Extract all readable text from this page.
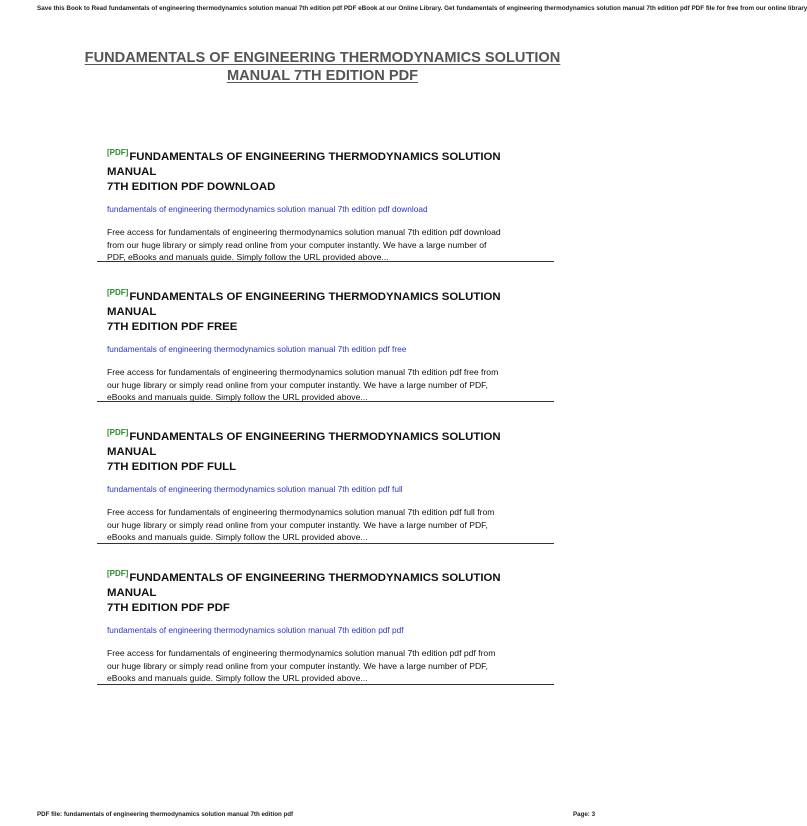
Save this Book to Read fundamentals of engineering thermodynamics solution manual 7th edition pdf PDF eBook at our Online Library. Get fundamentals of engineering thermodynamics solution manual 7th edition pdf PDF file for free from our online library
FUNDAMENTALS OF ENGINEERING THERMODYNAMICS SOLUTION
MANUAL 7TH EDITION PDF
[PDF]FUNDAMENTALS OF ENGINEERING THERMODYNAMICS SOLUTION MANUAL
7TH EDITION PDF DOWNLOAD
fundamentals of engineering thermodynamics solution manual 7th edition pdf download
Free access for fundamentals of engineering thermodynamics solution manual 7th edition pdf download
from our huge library or simply read online from your computer instantly. We have a large number of
PDF, eBooks and manuals guide. Simply follow the URL provided above...
[PDF]FUNDAMENTALS OF ENGINEERING THERMODYNAMICS SOLUTION MANUAL
7TH EDITION PDF FREE
fundamentals of engineering thermodynamics solution manual 7th edition pdf free
Free access for fundamentals of engineering thermodynamics solution manual 7th edition pdf free from
our huge library or simply read online from your computer instantly. We have a large number of PDF,
eBooks and manuals guide. Simply follow the URL provided above...
[PDF]FUNDAMENTALS OF ENGINEERING THERMODYNAMICS SOLUTION MANUAL
7TH EDITION PDF FULL
fundamentals of engineering thermodynamics solution manual 7th edition pdf full
Free access for fundamentals of engineering thermodynamics solution manual 7th edition pdf full from
our huge library or simply read online from your computer instantly. We have a large number of PDF,
eBooks and manuals guide. Simply follow the URL provided above...
[PDF]FUNDAMENTALS OF ENGINEERING THERMODYNAMICS SOLUTION MANUAL
7TH EDITION PDF PDF
fundamentals of engineering thermodynamics solution manual 7th edition pdf pdf
Free access for fundamentals of engineering thermodynamics solution manual 7th edition pdf pdf from
our huge library or simply read online from your computer instantly. We have a large number of PDF,
eBooks and manuals guide. Simply follow the URL provided above...
PDF file: fundamentals of engineering thermodynamics solution manual 7th edition pdf	Page: 3
